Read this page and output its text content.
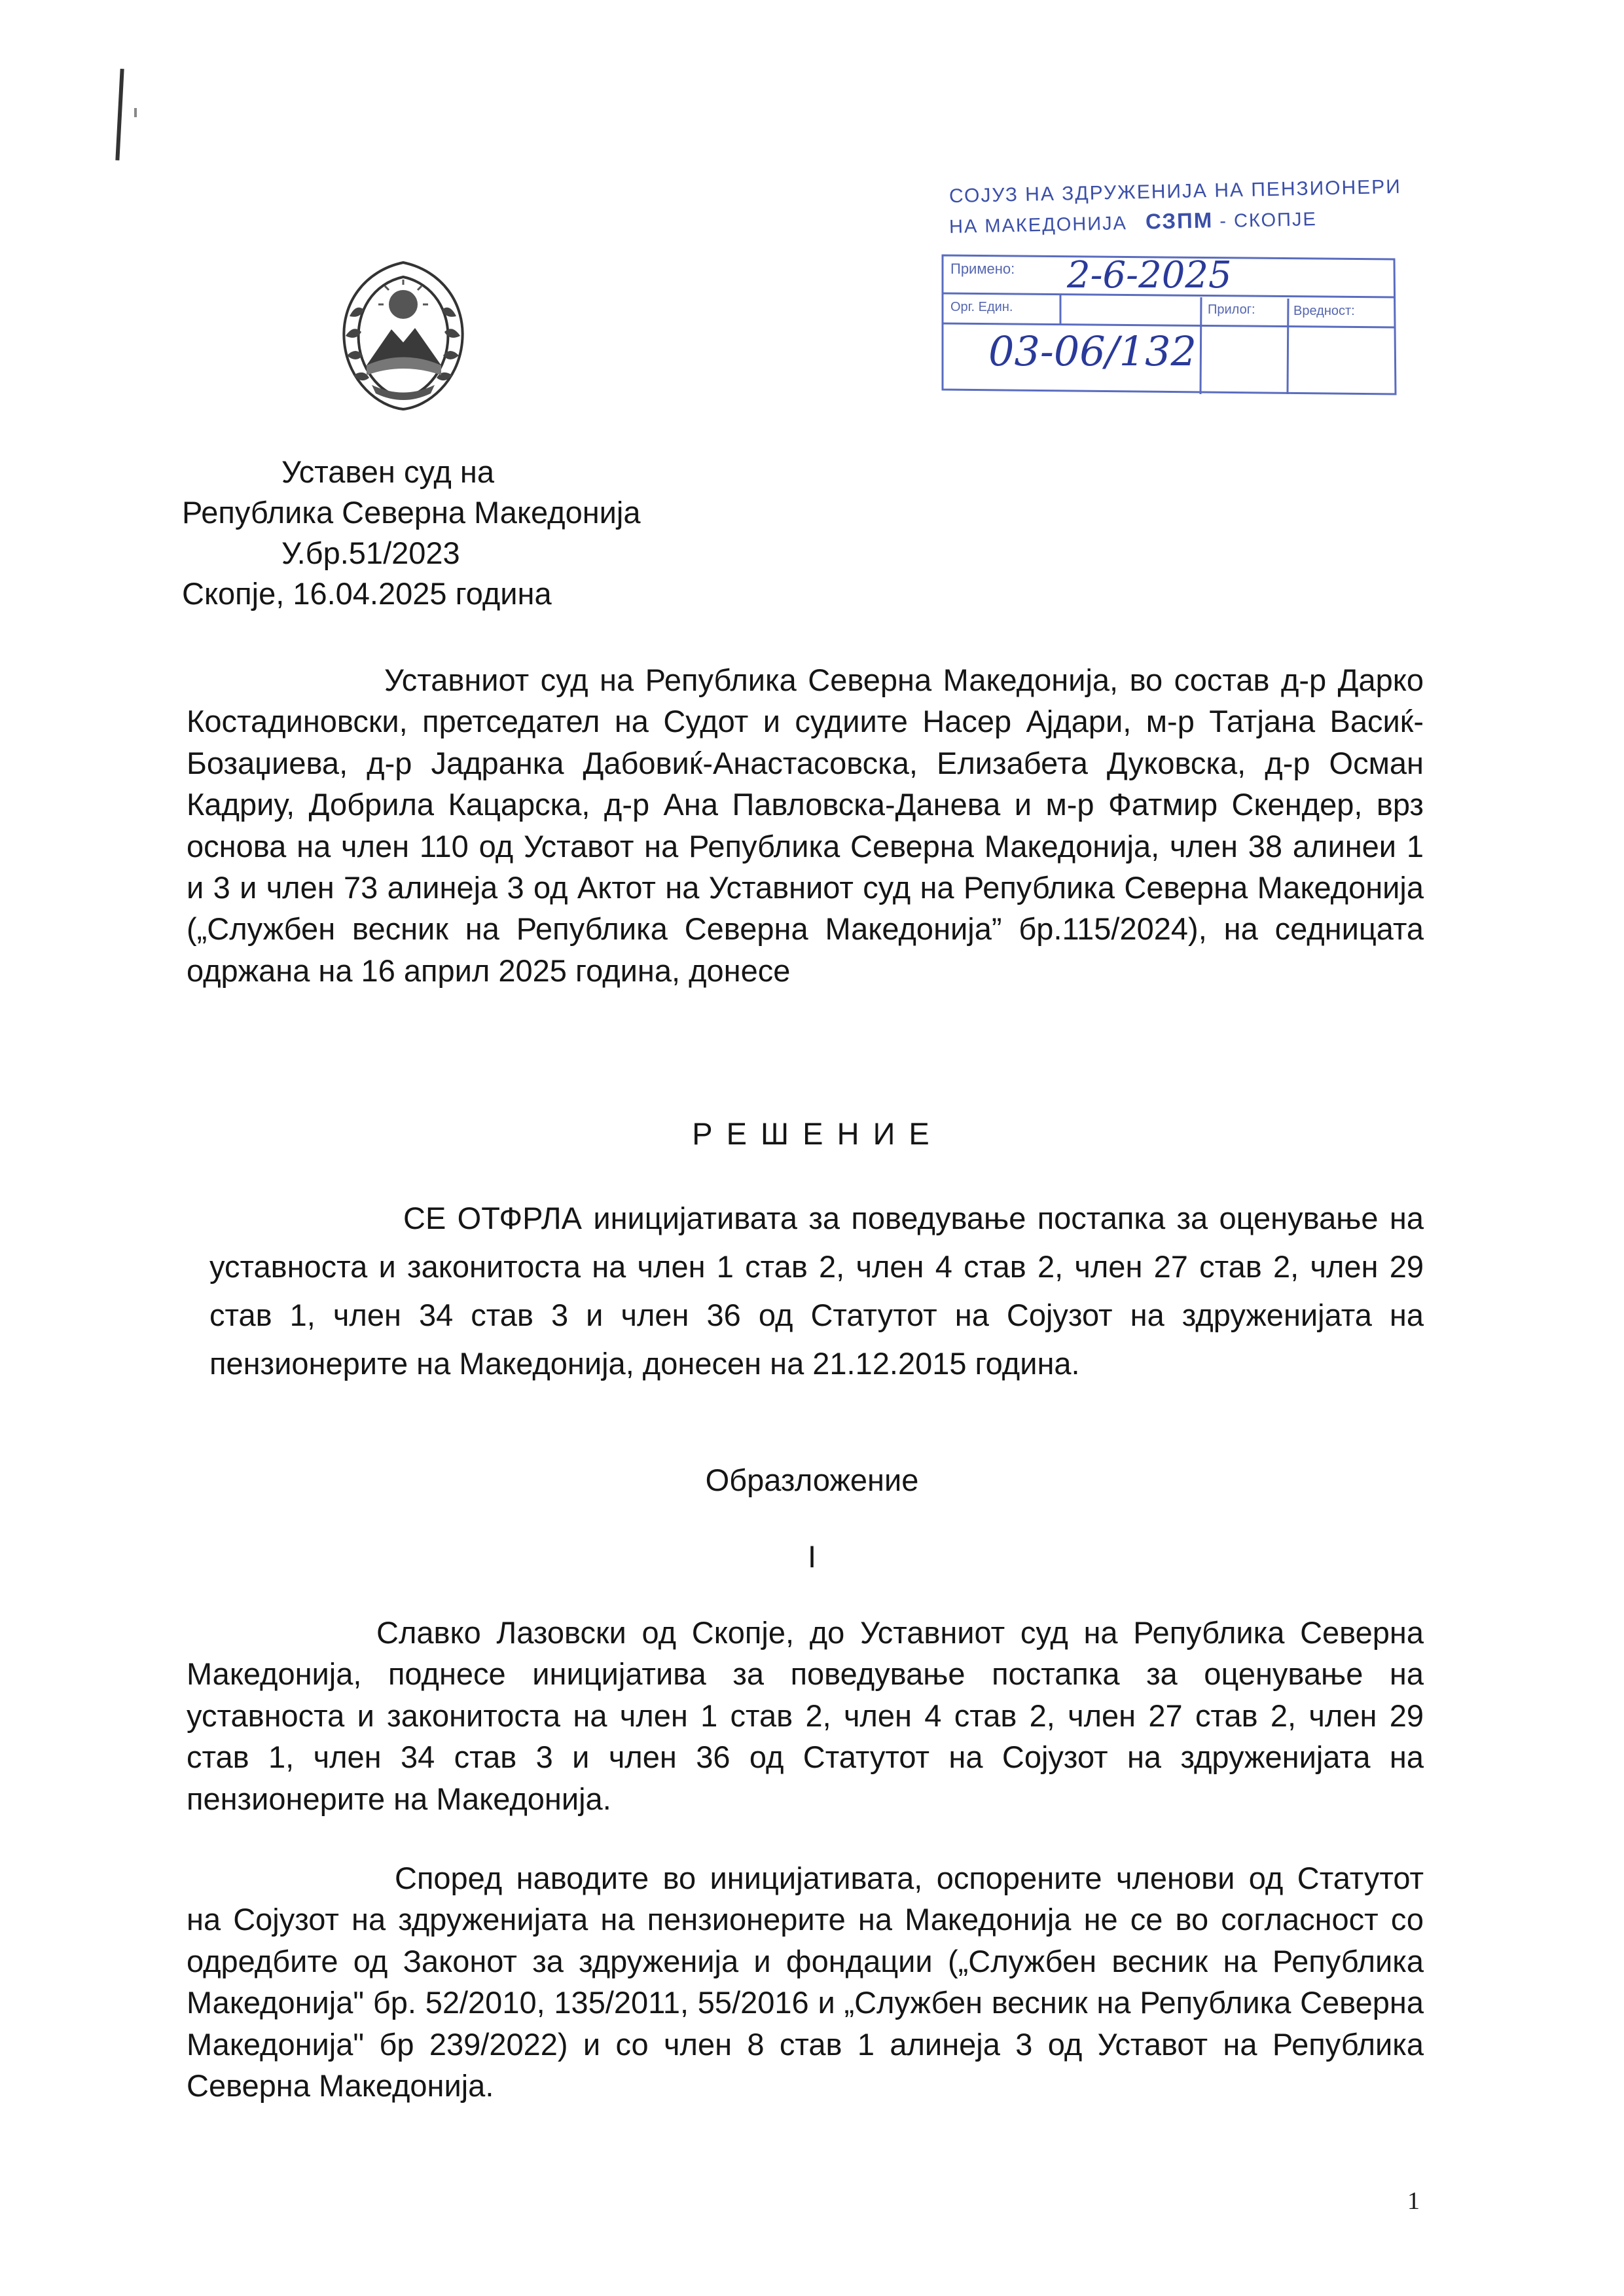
СОЈУЗ НА ЗДРУЖЕНИЈА НА ПЕНЗИОНЕРИ
НА МАКЕДОНИЈА СЗПМ - СКОПЈЕ
Примено: 2-6-2025
Орг. Един.	Прилог:	Вредност:
03-06/132
Уставен суд на
Република Северна Македонија
У.бр.51/2023
Скопје, 16.04.2025 година
Уставниот суд на Република Северна Македонија, во состав д-р Дарко Костадиновски, претседател на Судот и судиите Насер Ајдари, м-р Татјана Васиќ-Бозаџиева, д-р Јадранка Дабовиќ-Анастасовска, Елизабета Дуковска, д-р Осман Кадриу, Добрила Кацарска, д-р Ана Павловска-Данева и м-р Фатмир Скендер, врз основа на член 110 од Уставот на Република Северна Македонија, член 38 алинеи 1 и 3 и член 73 алинеја 3 од Актот на Уставниот суд на Република Северна Македонија („Службен весник на Република Северна Македонија” бр.115/2024), на седницата одржана на 16 април 2025 година, донесе
Р Е Ш Е Н И Е
СЕ ОТФРЛА иницијативата за поведување постапка за оценување на уставноста и законитоста на член 1 став 2, член 4 став 2, член 27 став 2, член 29 став 1, член 34 став 3 и член 36 од Статутот на Сојузот на здруженијата на пензионерите на Македонија, донесен на 21.12.2015 година.
Образложение
I
Славко Лазовски од Скопје, до Уставниот суд на Република Северна Македонија, поднесе иницијатива за поведување постапка за оценување на уставноста и законитоста на член 1 став 2, член 4 став 2, член 27 став 2, член 29 став 1, член 34 став 3 и член 36 од Статутот на Сојузот на здруженијата на пензионерите на Македонија.
Според наводите во иницијативата, оспорените членови од Статутот на Сојузот на здруженијата на пензионерите на Македонија не се во согласност со одредбите од Законот за здруженија и фондации („Службен весник на Република Македонија" бр. 52/2010, 135/2011, 55/2016 и „Службен весник на Република Северна Македонија" бр 239/2022) и со член 8 став 1 алинеја 3 од Уставот на Република Северна Македонија.
1
